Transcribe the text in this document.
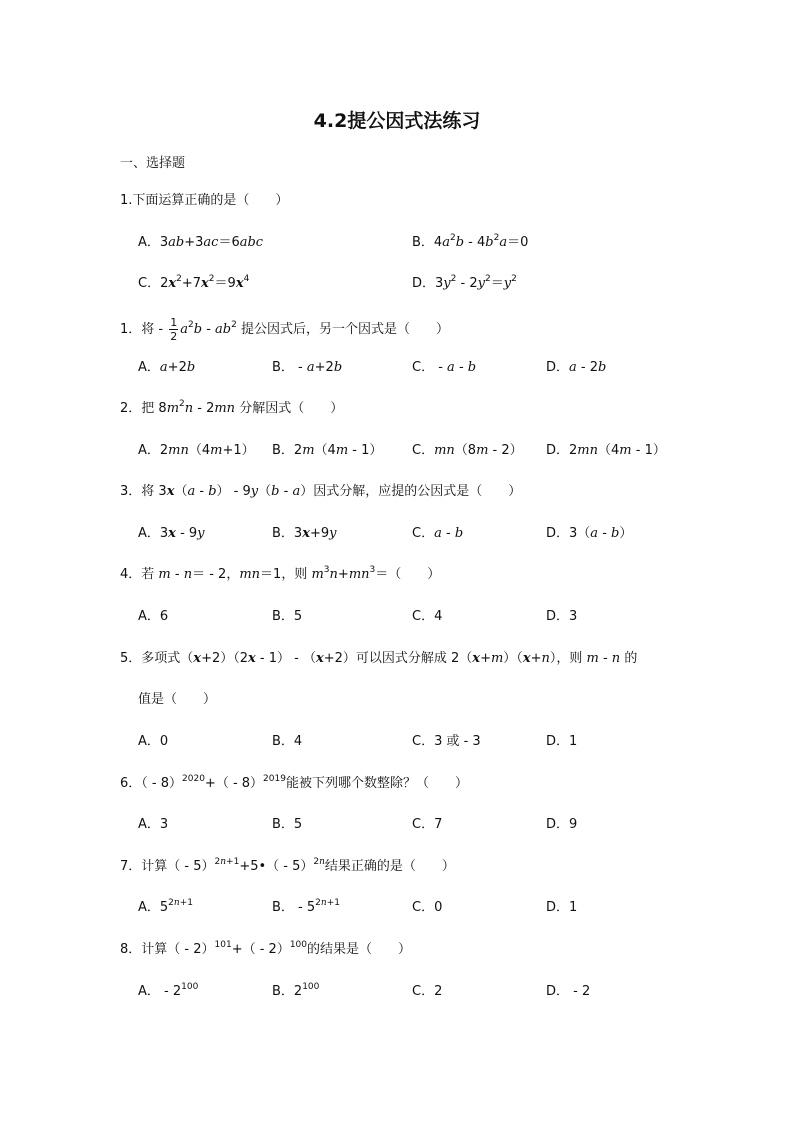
4.2提公因式法练习
一、选择题
1.下面运算正确的是（　　）
A．3ab+3ac＝6abc	B．$4a^2b - 4b^2a=0$
C．$2x^2+7x^2=9x^4$	D．$3y^2 - 2y^2=y^2$
1．将 - $\frac{1}{2} a^2b - ab^2$ 提公因式后，另一个因式是（　　）
A．a+2b	B． - a+2b	C． - a - b	D．a - 2b
2．把 $8m^2n - 2mn$ 分解因式（　　）
A．2mn（4m+1） B．2m（4m - 1） C．mn（8m - 2） D．2mn（4m - 1）
3．将 3x（a - b） - 9y（b - a）因式分解，应提的公因式是（　　）
A．3x - 9y	B．3x+9y	C．a - b	D．3（a - b）
4．若 m - n＝ - 2，mn＝1，则 $m^3n+mn^3=$（　　）
A．6	B．5	C．4	D．3
5．多项式（x+2）（2x - 1） - （x+2）可以因式分解成 2（x+m）（x+n），则 m - n 的
值是（　　）
A．0	B．4	C．3 或 - 3	D．1
6．（ - 8）$^{2020}$+（ - 8）$^{2019}$能被下列哪个数整除？（　　）
A．3	B．5	C．7	D．9
7．计算（ - 5）$^{2n+1}$+5•（ - 5）$^{2n}$结果正确的是（　　）
A．$5^{2n+1}$	B． - $5^{2n+1}$	C．0	D．1
8．计算（ - 2）$^{101}$+（ - 2）$^{100}$的结果是（　　）
A． - $2^{100}$	B．$2^{100}$	C．2	D． - 2
